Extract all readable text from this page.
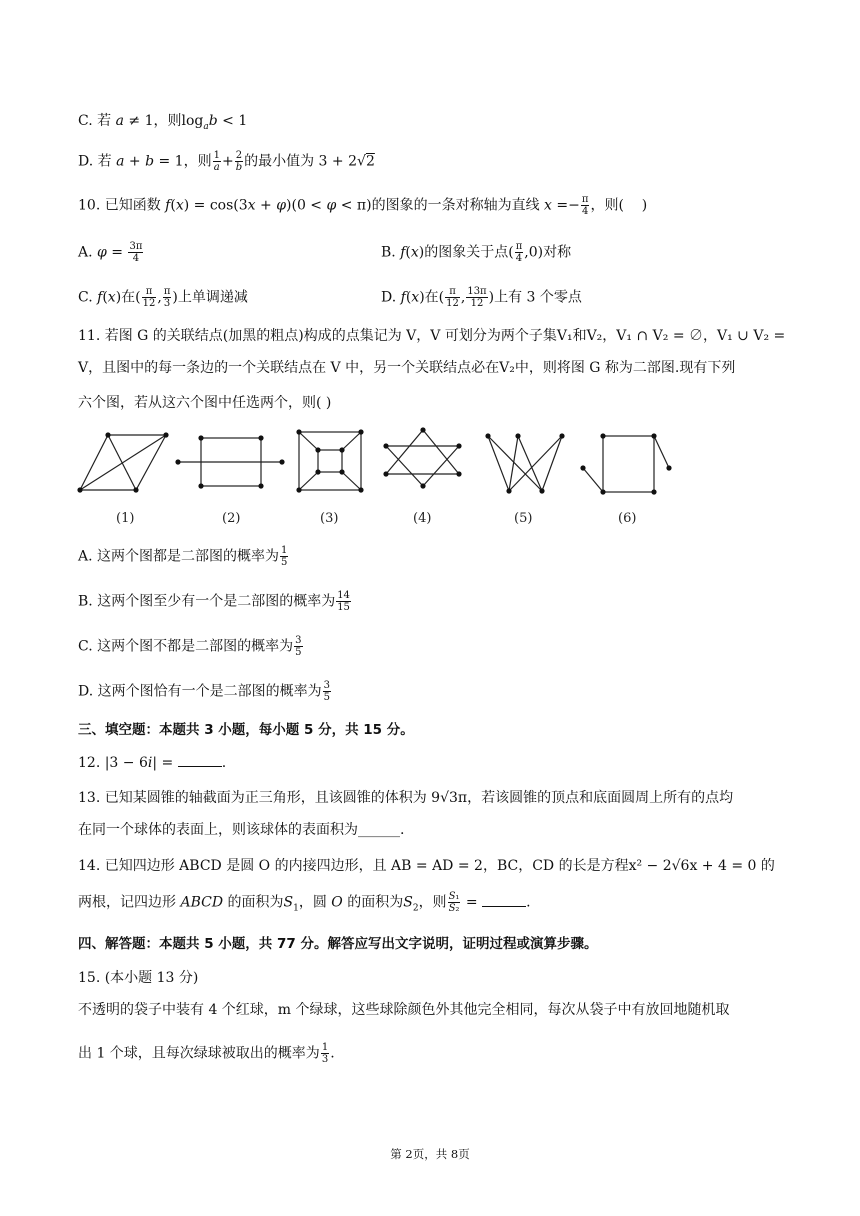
C. 若 a ≠ 1，则$\log_ab < 1$
D. 若 a + b = 1，则 $\frac{1}{a} + \frac{2}{b}$ 的最小值为 3 + 2√2
10. 已知函数 f(x) = cos(3x + φ)(0 < φ < π)的图象的一条对称轴为直线 $x =- \frac{\pi}{4}$ ，则(    )
A. $\varphi = \frac{3\pi}{4}$	B. f(x)的图象关于点( $\frac{\pi}{4} ,0$)对称
C. f(x)在( $\frac{\pi}{12}$ , $\frac{\pi}{3}$ )上单调递减	D. f(x)在( $\frac{\pi}{12}$ , $\frac{13\pi}{12}$ )上有 3 个零点
11. 若图 G 的关联结点(加黑的粗点)构成的点集记为 V，V 可划分为两个子集V₁和V₂，V₁ ∩ V₂ = ∅，V₁ ∪ V₂ =
V，且图中的每一条边的一个关联结点在 V 中，另一个关联结点必在V₂中，则将图 G 称为二部图.现有下列
六个图，若从这六个图中任选两个，则( )
(1)	(2)	(3)	(4)	(5)	(6)
A. 这两个图都是二部图的概率为 $\frac{1}{5}$
B. 这两个图至少有一个是二部图的概率为 $\frac{14}{15}$
C. 这两个图不都是二部图的概率为 $\frac{3}{5}$
D. 这两个图恰有一个是二部图的概率为 $\frac{3}{5}$
三、填空题：本题共 3 小题，每小题 5 分，共 15 分。
12. |3 − 6i| =	.
13. 已知某圆锥的轴截面为正三角形，且该圆锥的体积为 9√3π，若该圆锥的顶点和底面圆周上所有的点均
在同一个球体的表面上，则该球体的表面积为______.
14. 已知四边形 ABCD 是圆 O 的内接四边形，且 AB = AD = 2，BC，CD 的长是方程x² − 2√6x + 4 = 0 的
两根，记四边形 ABCD 的面积为$S_1$，圆 O 的面积为$S_2$，则 $\frac{\text{S₁}}{\text{S₂}}$ =	.
四、解答题：本题共 5 小题，共 77 分。解答应写出文字说明，证明过程或演算步骤。
15. (本小题 13 分)
不透明的袋子中装有 4 个红球，m 个绿球，这些球除颜色外其他完全相同，每次从袋子中有放回地随机取
出 1 个球，且每次绿球被取出的概率为 $\frac{1}{3}$ .
第 2页，共 8页
